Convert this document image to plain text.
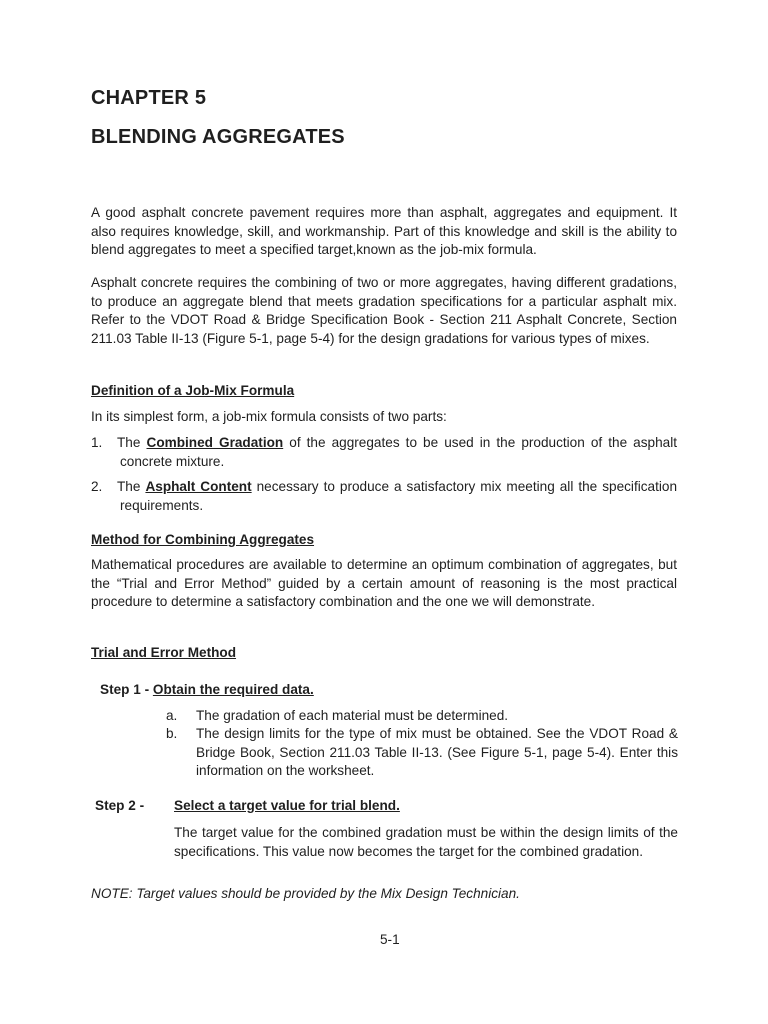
CHAPTER 5
BLENDING AGGREGATES

A good asphalt concrete pavement requires more than asphalt, aggregates and equipment. It also requires knowledge, skill, and workmanship. Part of this knowledge and skill is the ability to blend aggregates to meet a specified target,known as the job-mix formula.

Asphalt concrete requires the combining of two or more aggregates, having different gradations, to produce an aggregate blend that meets gradation specifications for a particular asphalt mix. Refer to the VDOT Road & Bridge Specification Book - Section 211 Asphalt Concrete, Section 211.03 Table II-13 (Figure 5-1, page 5-4) for the design gradations for various types of mixes.

Definition of a Job-Mix Formula

In its simplest form, a job-mix formula consists of two parts:

1. The Combined Gradation of the aggregates to be used in the production of the asphalt concrete mixture.

2. The Asphalt Content necessary to produce a satisfactory mix meeting all the specification requirements.

Method for Combining Aggregates

Mathematical procedures are available to determine an optimum combination of aggregates, but the “Trial and Error Method” guided by a certain amount of reasoning is the most practical procedure to determine a satisfactory combination and the one we will demonstrate.

Trial and Error Method
Step 1 - Obtain the required data.
a. The gradation of each material must be determined.

b. The design limits for the type of mix must be obtained. See the VDOT Road & Bridge Book, Section 211.03 Table II-13. (See Figure 5-1, page 5-4). Enter this information on the worksheet.

Step 2 - Select a target value for trial blend.

The target value for the combined gradation must be within the design limits of the specifications. This value now becomes the target for the combined gradation.

NOTE: Target values should be provided by the Mix Design Technician.
5-1
